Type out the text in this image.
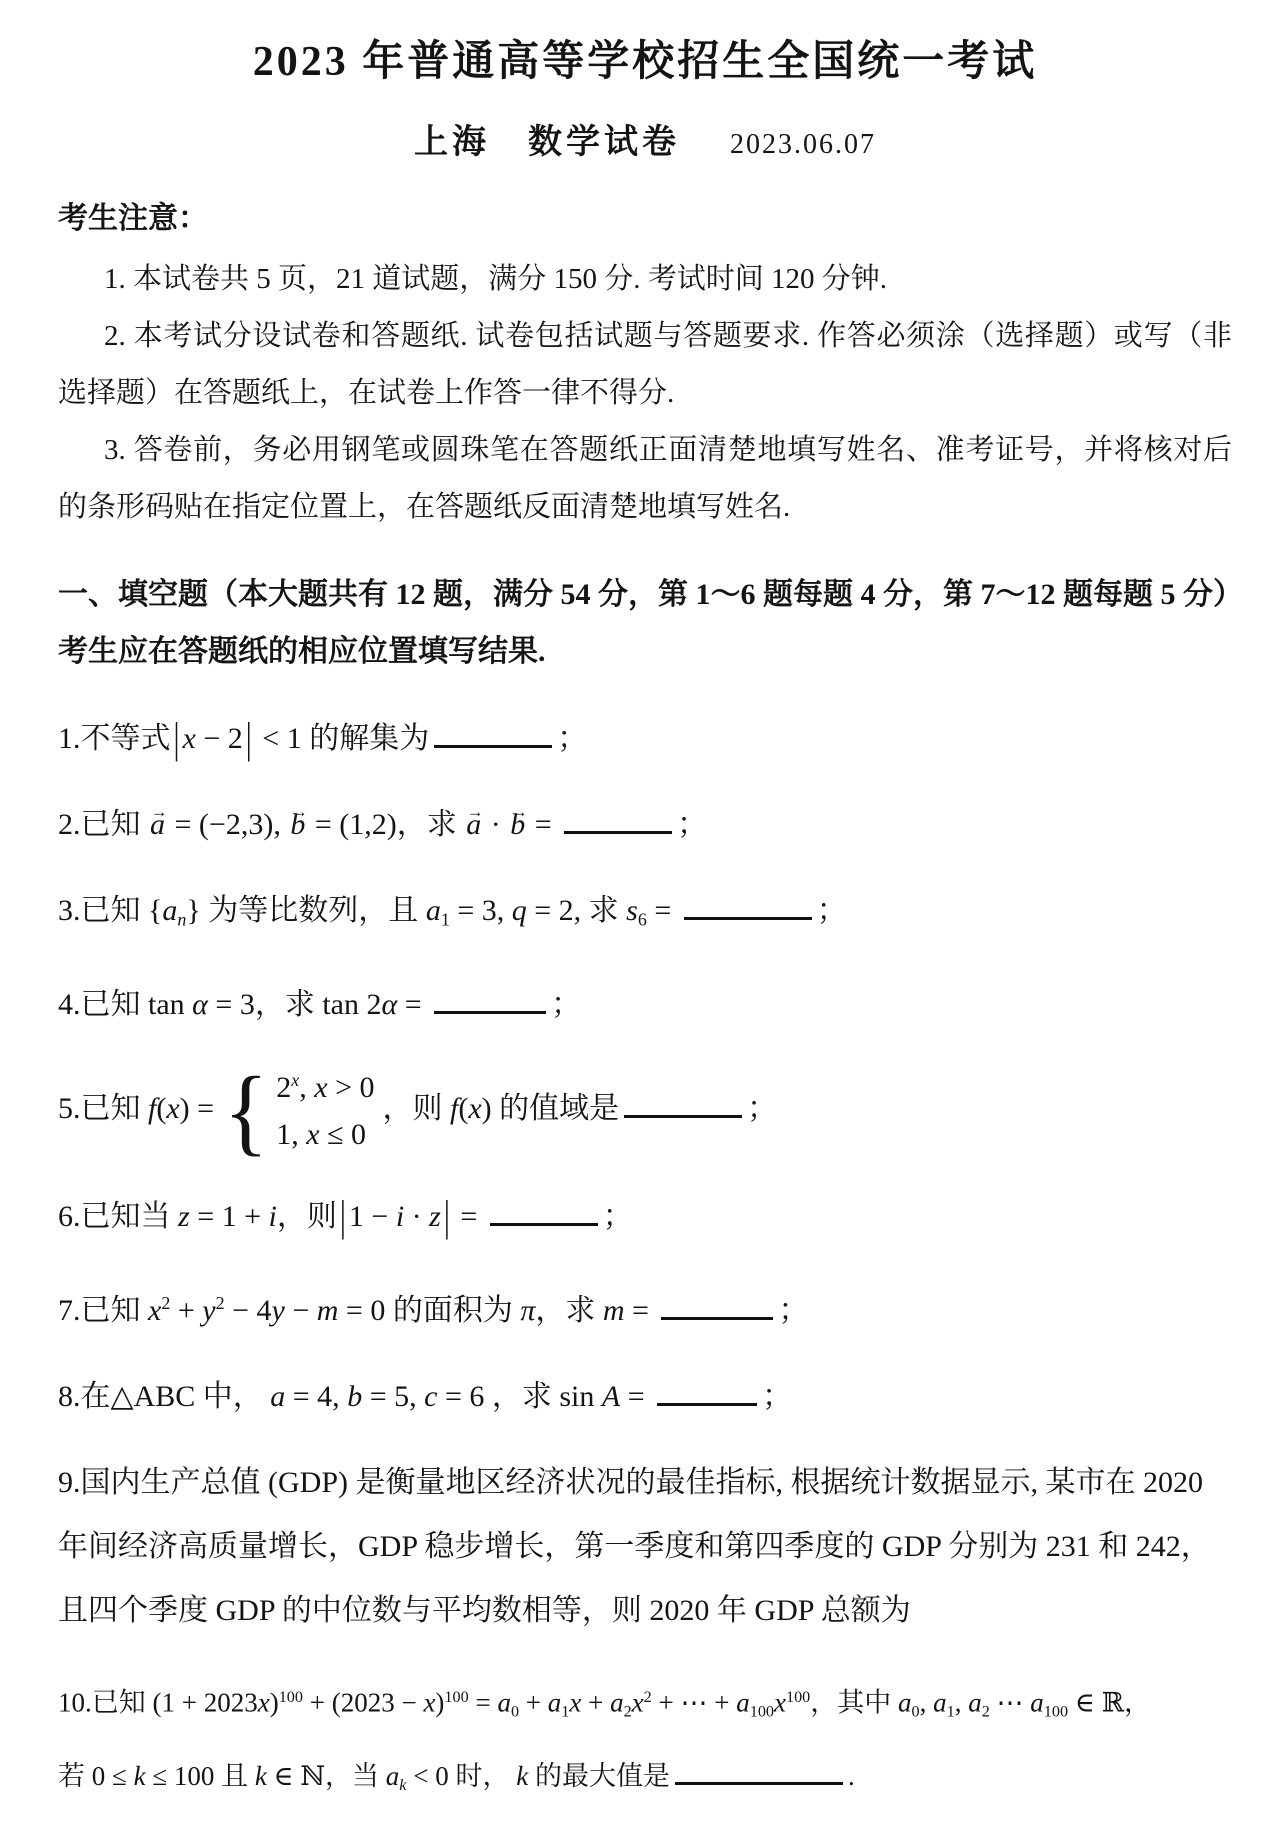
2023 年普通高等学校招生全国统一考试
上海　数学试卷 2023.06.07
考生注意：

1. 本试卷共 5 页，21 道试题，满分 150 分. 考试时间 120 分钟.

2. 本考试分设试卷和答题纸. 试卷包括试题与答题要求. 作答必须涂（选择题）或写（非选择题）在答题纸上，在试卷上作答一律不得分.

3. 答卷前，务必用钢笔或圆珠笔在答题纸正面清楚地填写姓名、准考证号，并将核对后的条形码贴在指定位置上，在答题纸反面清楚地填写姓名.

一、填空题（本大题共有 12 题，满分 54 分，第 1～6 题每题 4 分，第 7～12 题每题 5 分）
考生应在答题纸的相应位置填写结果.
1.不等式 | x − 2 | < 1 的解集为	；
2.已知 → a = (−2,3), → b = (1,2)，求 → a · → b =	；
3.已知 {an} 为等比数列，且 a1 = 3, q = 2, 求 s6 =	；
4.已知 tan α = 3，求 tan 2α =	；
5.已知 f(x) = { 2$^x$, x > 0
1, x ≤ 0
，则 f(x) 的值域是	；
6.已知当 z = 1 + i，则 | 1 − i · z | =	；
7.已知 $x^2 + y^2 - 4y - m = 0$ 的面积为 π，求 m =	；
8.在△ABC 中， a = 4, b = 5, c = 6 ，求 sin A =	；
9.国内生产总值 (GDP) 是衡量地区经济状况的最佳指标, 根据统计数据显示, 某市在 2020
年间经济高质量增长，GDP 稳步增长，第一季度和第四季度的 GDP 分别为 231 和 242，
且四个季度 GDP 的中位数与平均数相等，则 2020 年 GDP 总额为
10.已知 $(1 + 2023x)^{100} + (2023 - x)^{100} = a0 + a1x + a2x^2$ + ⋯ + $a100x^{100}$，其中 a0, a1, a2 ⋯ a100 ∈ ℝ，
若 0 ≤ k ≤ 100 且 k ∈ ℕ，当 ak < 0 时， k 的最大值是	.
